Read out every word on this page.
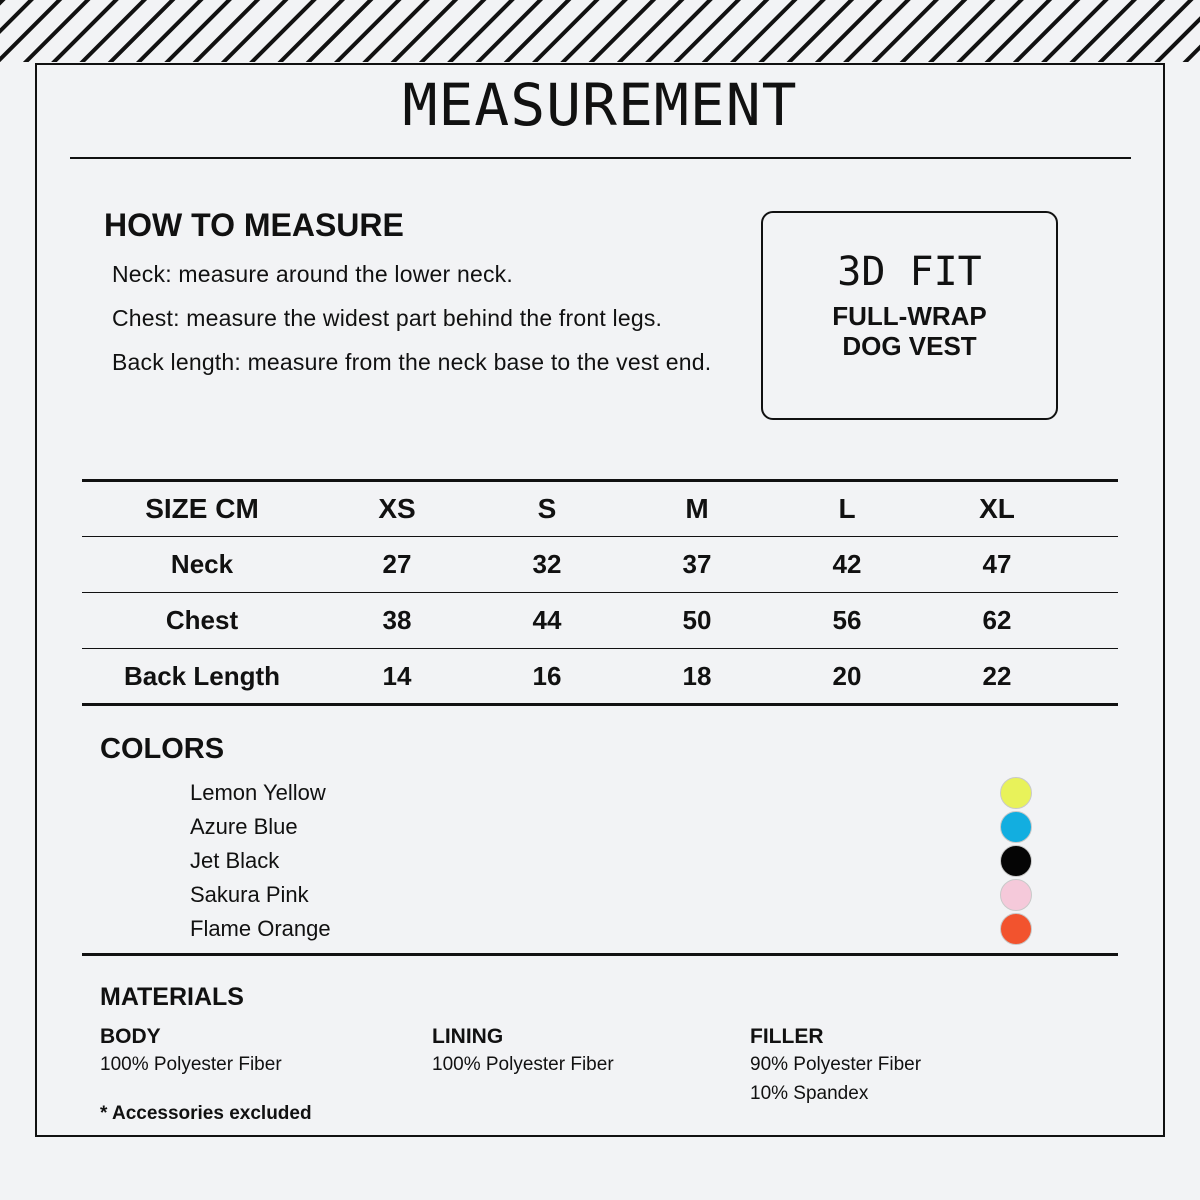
MEASUREMENT
HOW TO MEASURE
Neck: measure around the lower neck.
Chest: measure the widest part behind the front legs.
Back length: measure from the neck base to the vest end.
3D FIT
FULL-WRAP
DOG VEST
SIZE CM	XS	S	M	L	XL	
Neck	27	32	37	42	47	
Chest	38	44	50	56	62	
Back Length	14	16	18	20	22	
COLORS
Lemon Yellow
Azure Blue
Jet Black
Sakura Pink
Flame Orange
MATERIALS
BODY
100% Polyester Fiber
LINING
100% Polyester Fiber
FILLER
90% Polyester Fiber
10% Spandex
* Accessories excluded
